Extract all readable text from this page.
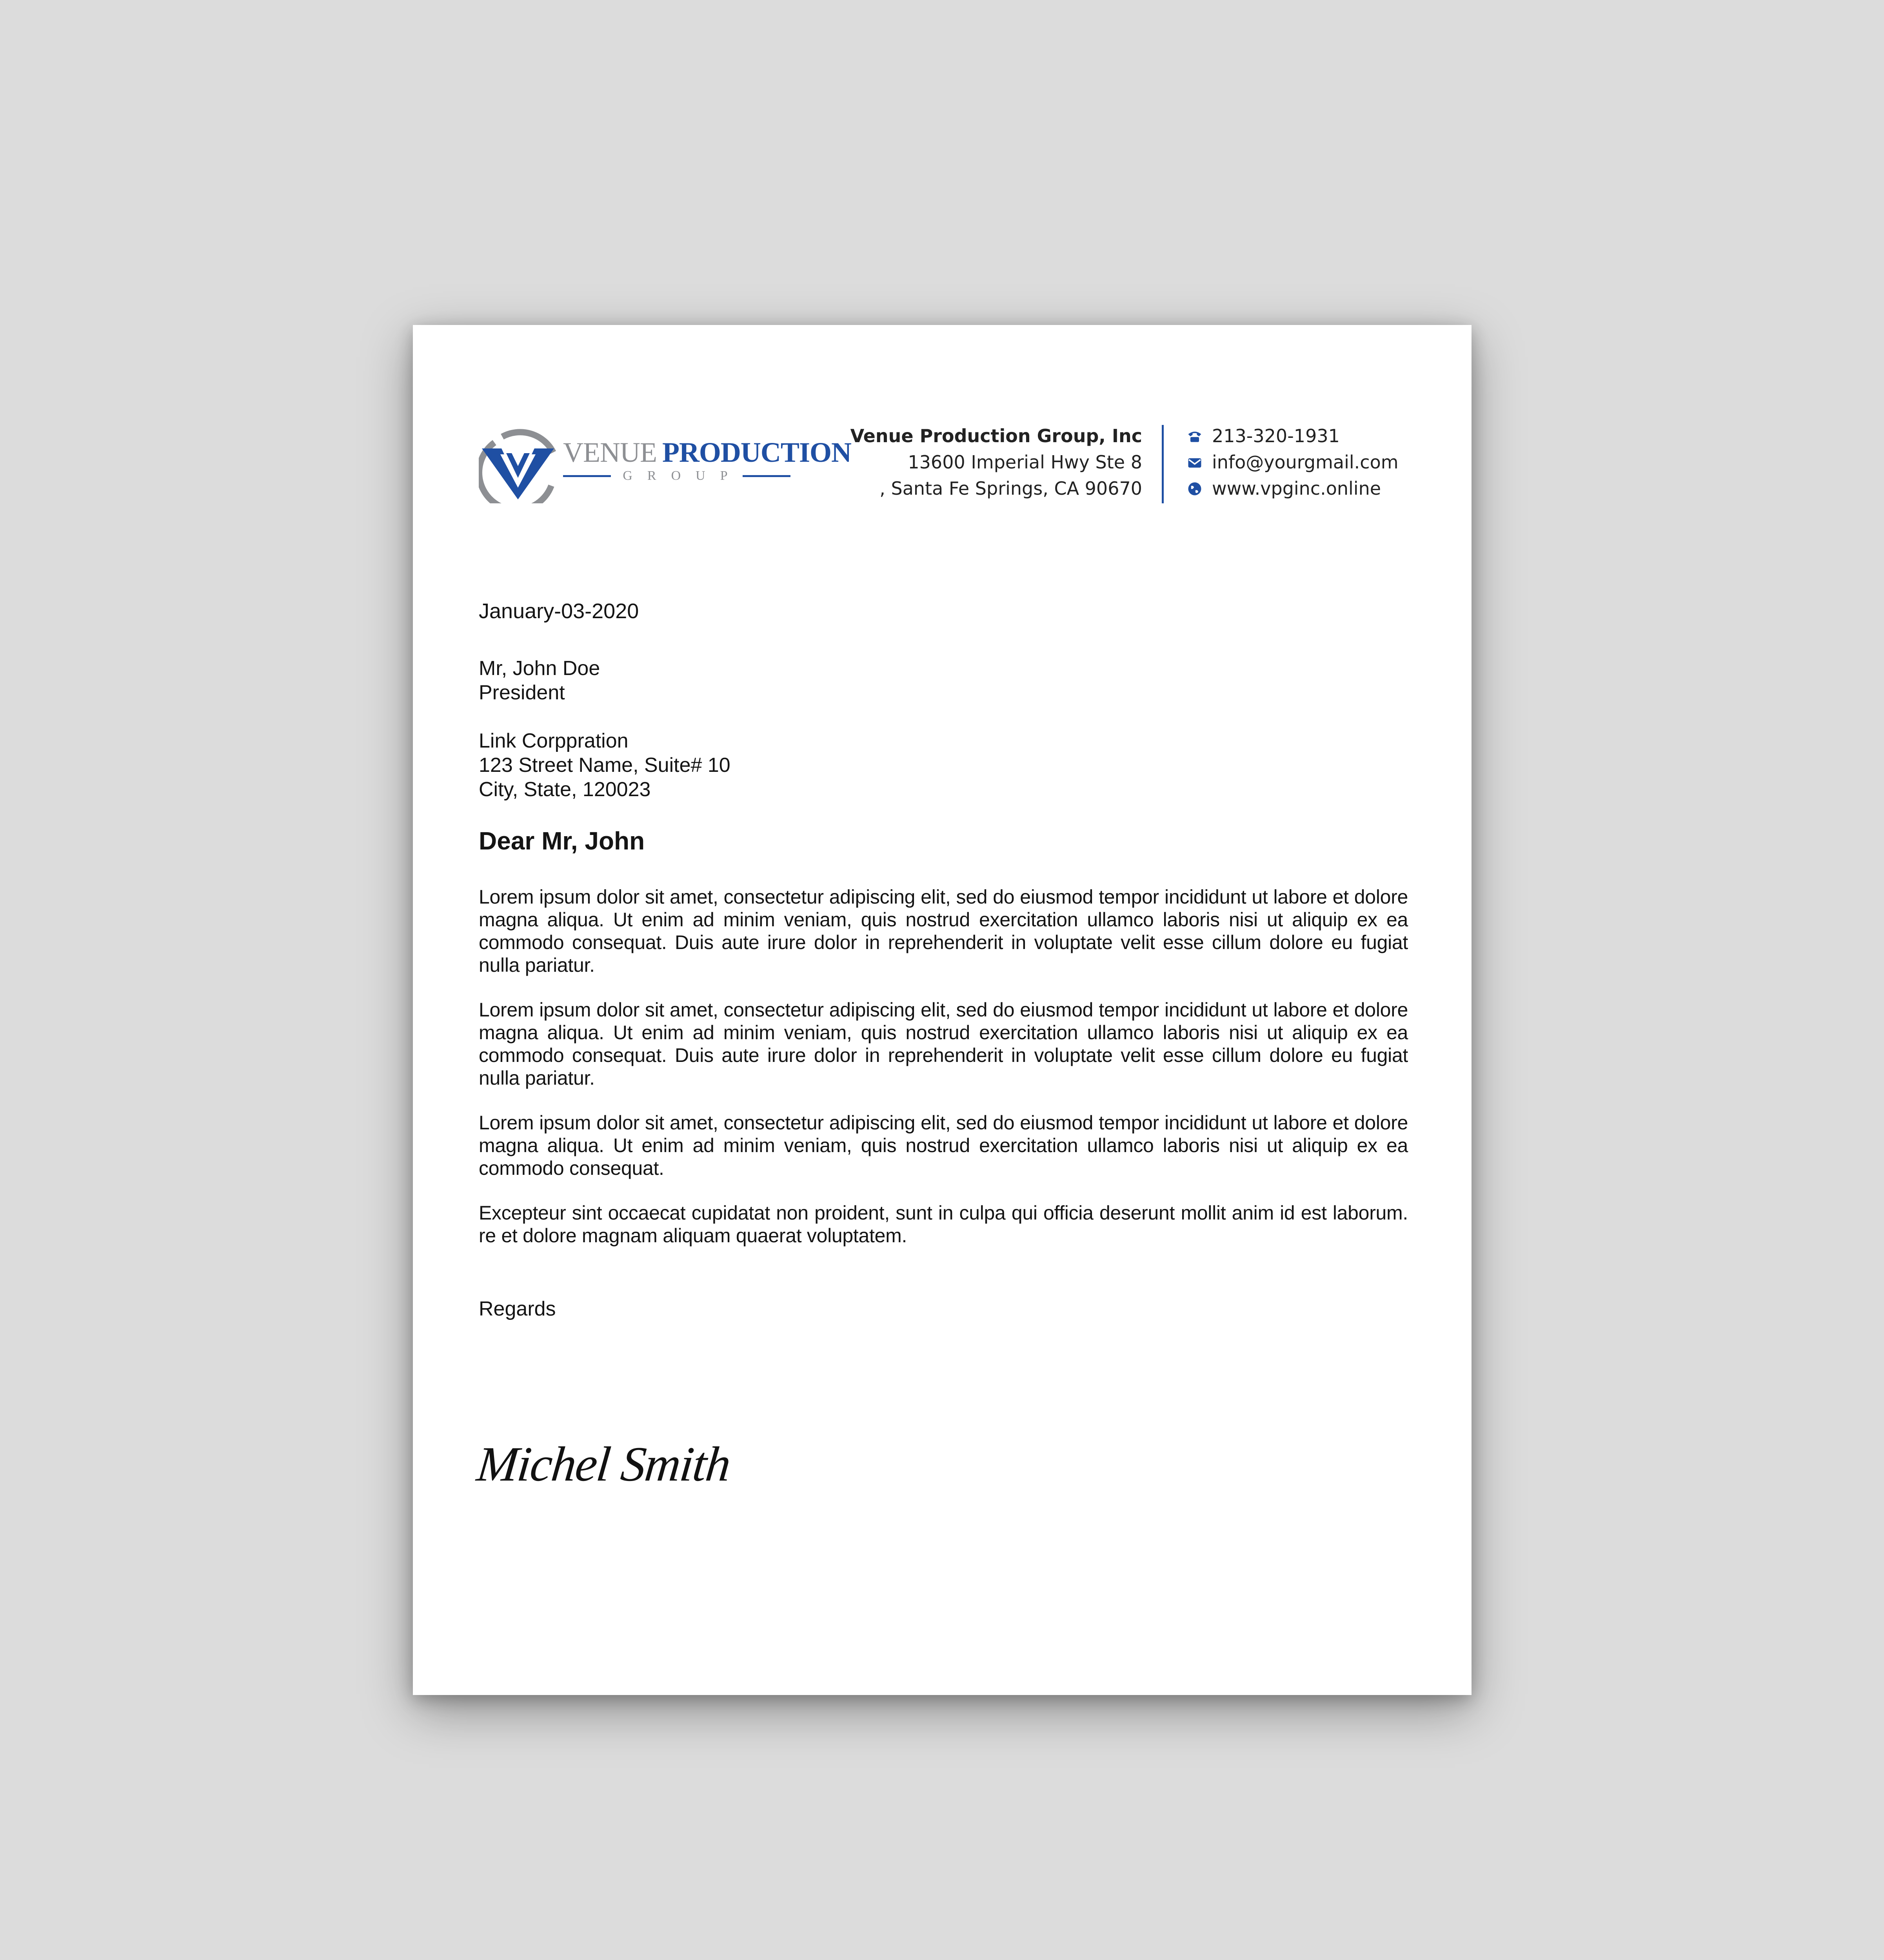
VENUE PRODUCTION
GROUP
Venue Production Group, Inc
13600 Imperial Hwy Ste 8
, Santa Fe Springs, CA 90670
213-320-1931
info@yourgmail.com
www.vpginc.online
January-03-2020
Mr, John Doe
President
Link Corppration
123 Street Name, Suite# 10
City, State, 120023
Dear Mr, John

Lorem ipsum dolor sit amet, consectetur adipiscing elit, sed do eiusmod tempor incididunt ut labore et dolore magna aliqua. Ut enim ad minim veniam, quis nostrud exercitation ullamco laboris nisi ut aliquip ex ea commodo consequat. Duis aute irure dolor in reprehenderit in voluptate velit esse cillum dolore eu fugiat nulla pariatur.

Lorem ipsum dolor sit amet, consectetur adipiscing elit, sed do eiusmod tempor incididunt ut labore et dolore magna aliqua. Ut enim ad minim veniam, quis nostrud exercitation ullamco laboris nisi ut aliquip ex ea commodo consequat. Duis aute irure dolor in reprehenderit in voluptate velit esse cillum dolore eu fugiat nulla pariatur.

Lorem ipsum dolor sit amet, consectetur adipiscing elit, sed do eiusmod tempor incididunt ut labore et dolore magna aliqua. Ut enim ad minim veniam, quis nostrud exercitation ullamco laboris nisi ut aliquip ex ea commodo consequat.

Excepteur sint occaecat cupidatat non proident, sunt in culpa qui officia deserunt mollit anim id est laborum. re et dolore magnam aliquam quaerat voluptatem.

Regards
Michel Smith
